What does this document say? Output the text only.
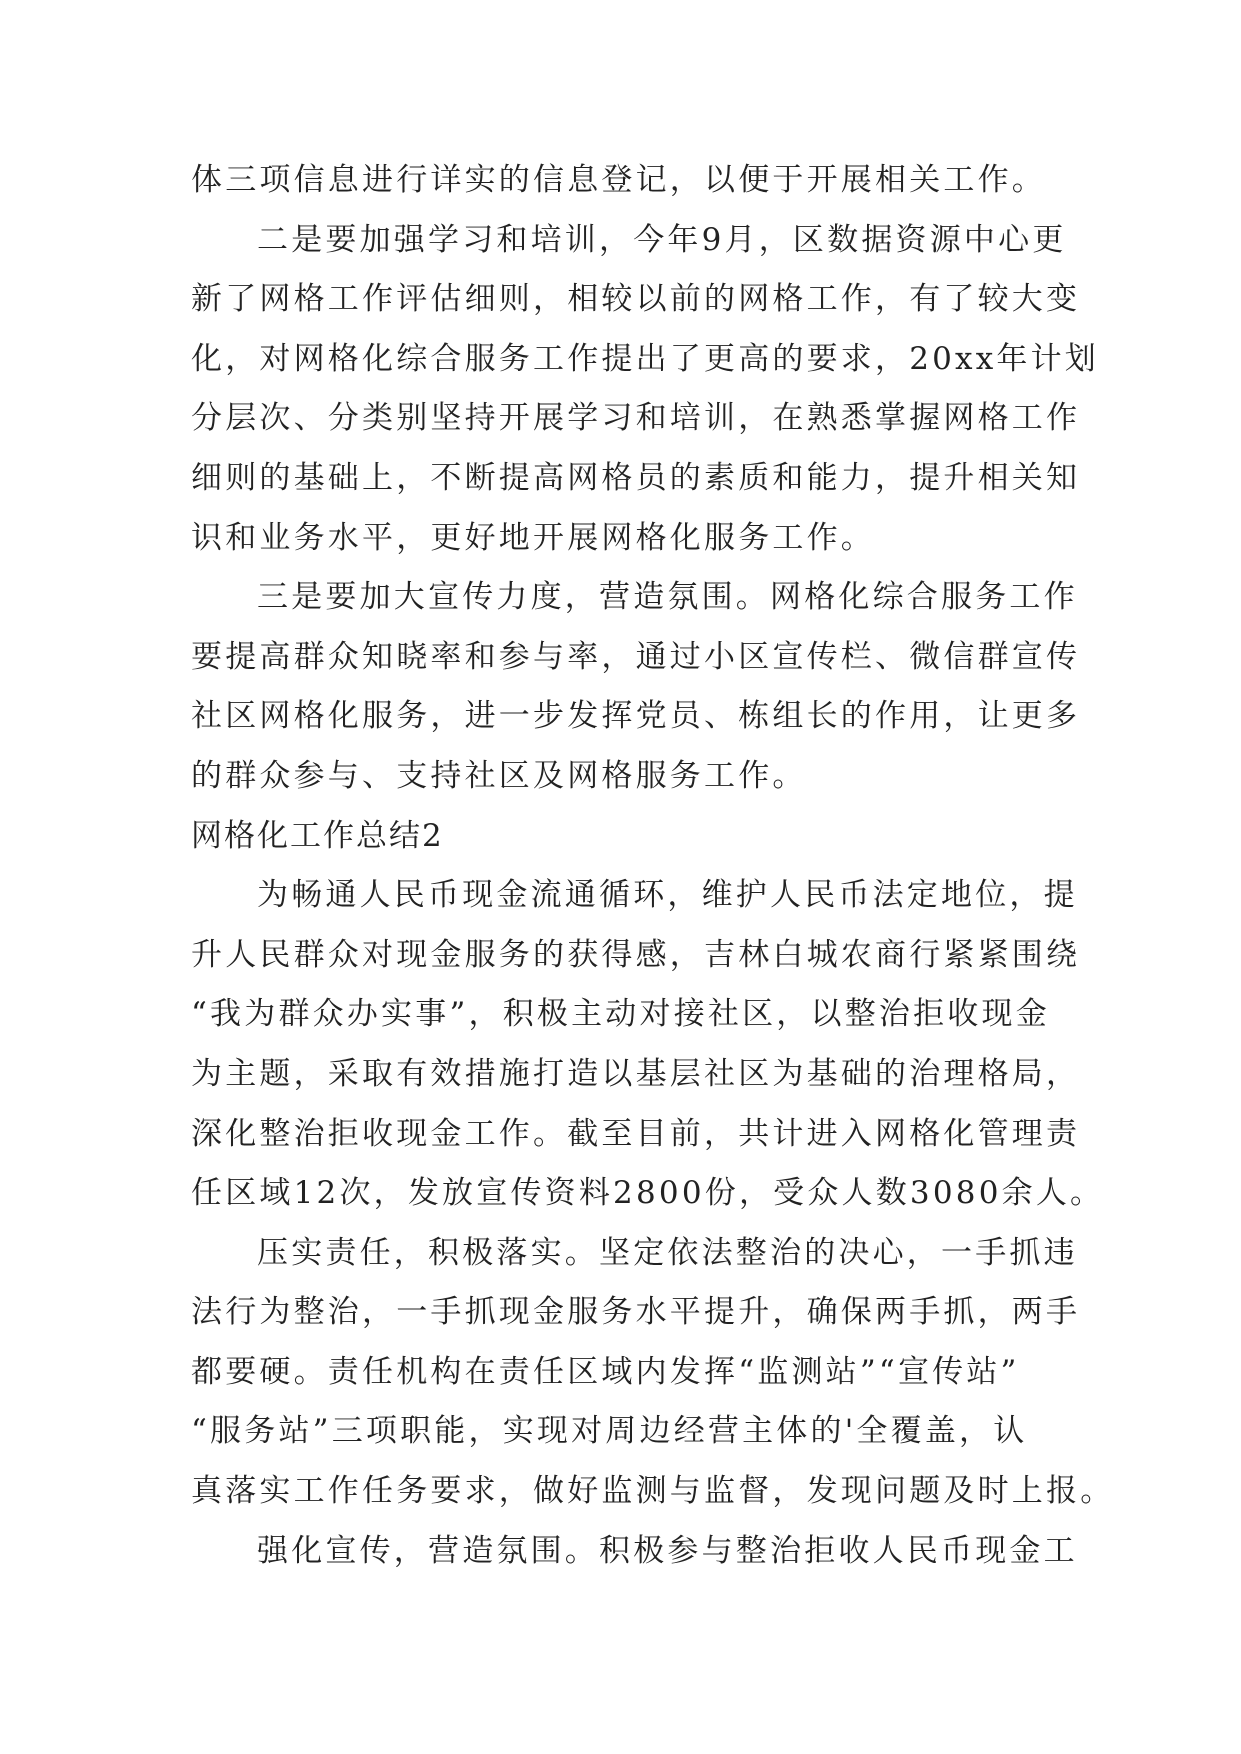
体三项信息进行详实的信息登记，以便于开展相关工作。
二是要加强学习和培训，今年9月，区数据资源中心更
新了网格工作评估细则，相较以前的网格工作，有了较大变
化，对网格化综合服务工作提出了更高的要求，20xx年计划
分层次、分类别坚持开展学习和培训，在熟悉掌握网格工作
细则的基础上，不断提高网格员的素质和能力，提升相关知
识和业务水平，更好地开展网格化服务工作。
三是要加大宣传力度，营造氛围。网格化综合服务工作
要提高群众知晓率和参与率，通过小区宣传栏、微信群宣传
社区网格化服务，进一步发挥党员、栋组长的作用，让更多
的群众参与、支持社区及网格服务工作。
网格化工作总结2
为畅通人民币现金流通循环，维护人民币法定地位，提
升人民群众对现金服务的获得感，吉林白城农商行紧紧围绕
“我为群众办实事”，积极主动对接社区，以整治拒收现金
为主题，采取有效措施打造以基层社区为基础的治理格局，
深化整治拒收现金工作。截至目前，共计进入网格化管理责
任区域12次，发放宣传资料2800份，受众人数3080余人。
压实责任，积极落实。坚定依法整治的决心，一手抓违
法行为整治，一手抓现金服务水平提升，确保两手抓，两手
都要硬。责任机构在责任区域内发挥“监测站”“宣传站”
“服务站”三项职能，实现对周边经营主体的'全覆盖，认
真落实工作任务要求，做好监测与监督，发现问题及时上报。
强化宣传，营造氛围。积极参与整治拒收人民币现金工
